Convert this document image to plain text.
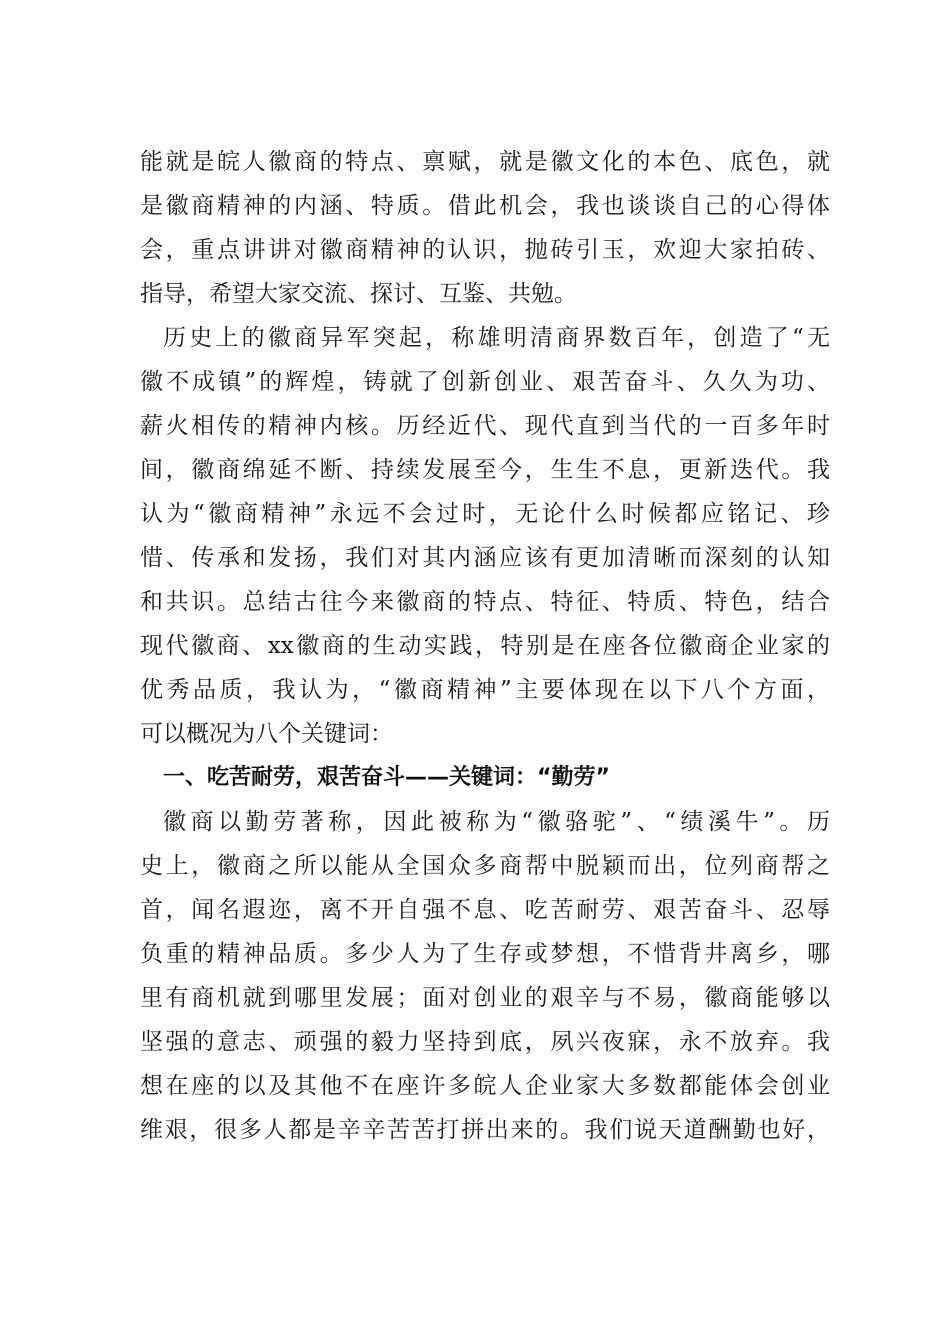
能就是皖人徽商的特点、禀赋，就是徽文化的本色、底色，就
是徽商精神的内涵、特质。借此机会，我也谈谈自己的心得体
会，重点讲讲对徽商精神的认识，抛砖引玉，欢迎大家拍砖、
指导，希望大家交流、探讨、互鉴、共勉。
历史上的徽商异军突起，称雄明清商界数百年，创造了“无
徽不成镇”的辉煌，铸就了创新创业、艰苦奋斗、久久为功、
薪火相传的精神内核。历经近代、现代直到当代的一百多年时
间，徽商绵延不断、持续发展至今，生生不息，更新迭代。我
认为“徽商精神”永远不会过时，无论什么时候都应铭记、珍
惜、传承和发扬，我们对其内涵应该有更加清晰而深刻的认知
和共识。总结古往今来徽商的特点、特征、特质、特色，结合
现代徽商、xx徽商的生动实践，特别是在座各位徽商企业家的
优秀品质，我认为，“徽商精神”主要体现在以下八个方面，
可以概况为八个关键词：
一、吃苦耐劳，艰苦奋斗——关键词：“勤劳”
徽商以勤劳著称，因此被称为“徽骆驼”、“绩溪牛”。历
史上，徽商之所以能从全国众多商帮中脱颖而出，位列商帮之
首，闻名遐迩，离不开自强不息、吃苦耐劳、艰苦奋斗、忍辱
负重的精神品质。多少人为了生存或梦想，不惜背井离乡，哪
里有商机就到哪里发展；面对创业的艰辛与不易，徽商能够以
坚强的意志、顽强的毅力坚持到底，夙兴夜寐，永不放弃。我
想在座的以及其他不在座许多皖人企业家大多数都能体会创业
维艰，很多人都是辛辛苦苦打拼出来的。我们说天道酬勤也好，
